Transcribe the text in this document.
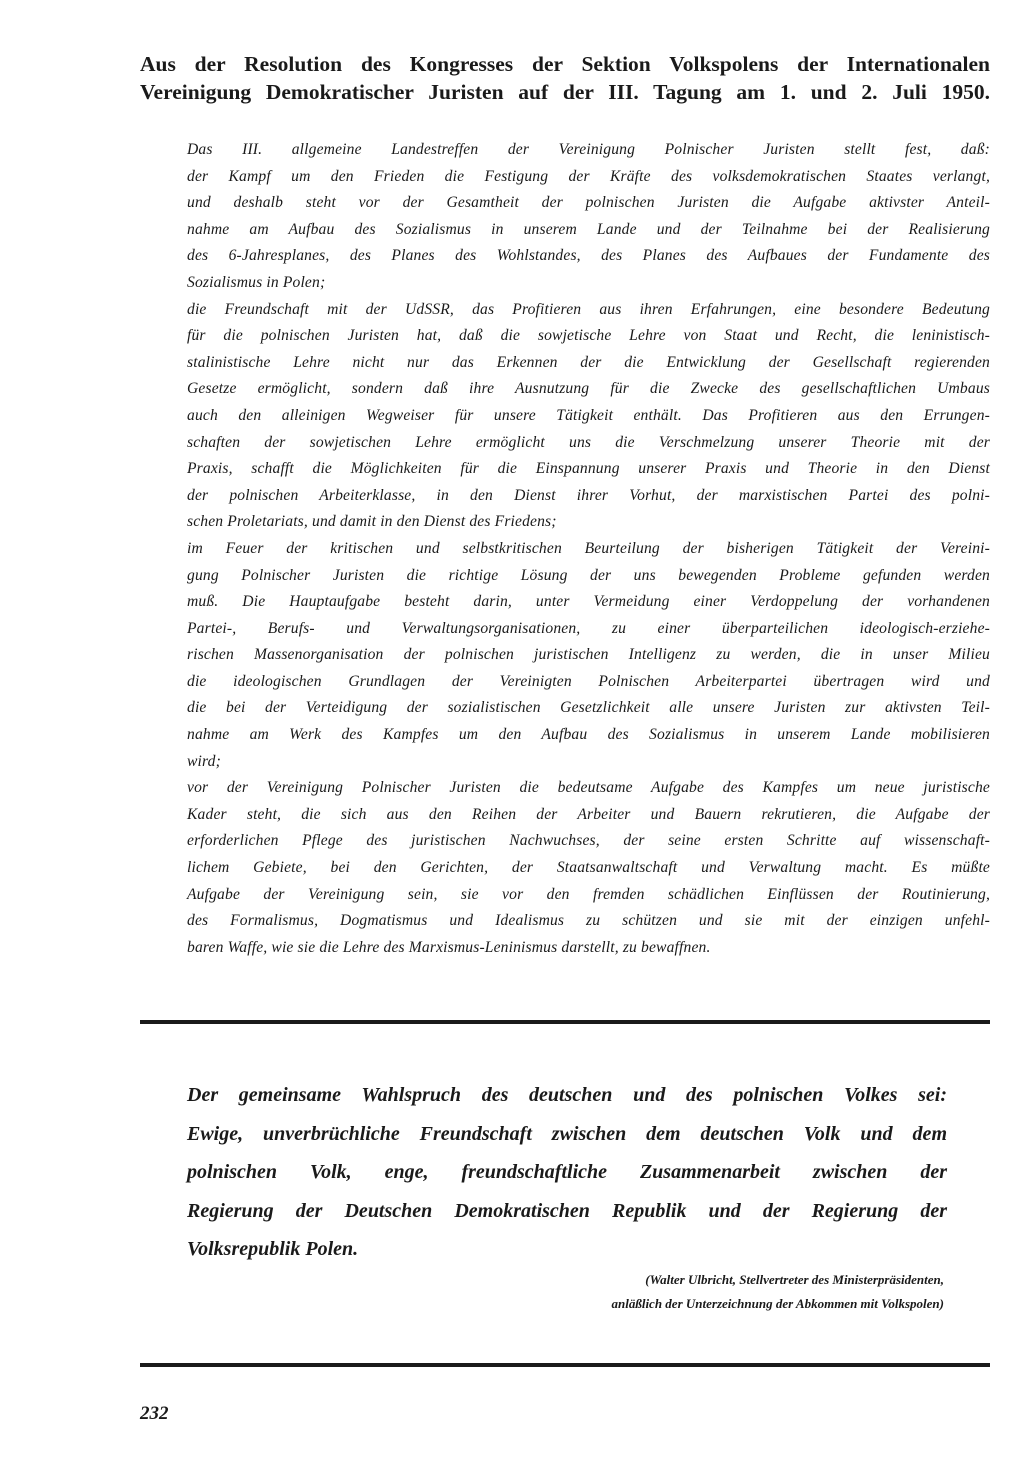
Aus der Resolution des Kongresses der Sektion Volkspolens der Internationalen
Vereinigung Demokratischer Juristen auf der III. Tagung am 1. und 2. Juli 1950.
Das III. allgemeine Landestreffen der Vereinigung Polnischer Juristen stellt fest, daß:
der Kampf um den Frieden die Festigung der Kräfte des volksdemokratischen Staates verlangt,
und deshalb steht vor der Gesamtheit der polnischen Juristen die Aufgabe aktivster Anteil-
nahme am Aufbau des Sozialismus in unserem Lande und der Teilnahme bei der Realisierung
des 6-Jahresplanes, des Planes des Wohlstandes, des Planes des Aufbaues der Fundamente des
Sozialismus in Polen;
die Freundschaft mit der UdSSR, das Profitieren aus ihren Erfahrungen, eine besondere Bedeutung
für die polnischen Juristen hat, daß die sowjetische Lehre von Staat und Recht, die leninistisch-
stalinistische Lehre nicht nur das Erkennen der die Entwicklung der Gesellschaft regierenden
Gesetze ermöglicht, sondern daß ihre Ausnutzung für die Zwecke des gesellschaftlichen Umbaus
auch den alleinigen Wegweiser für unsere Tätigkeit enthält. Das Profitieren aus den Errungen-
schaften der sowjetischen Lehre ermöglicht uns die Verschmelzung unserer Theorie mit der
Praxis, schafft die Möglichkeiten für die Einspannung unserer Praxis und Theorie in den Dienst
der polnischen Arbeiterklasse, in den Dienst ihrer Vorhut, der marxistischen Partei des polni-
schen Proletariats, und damit in den Dienst des Friedens;
im Feuer der kritischen und selbstkritischen Beurteilung der bisherigen Tätigkeit der Vereini-
gung Polnischer Juristen die richtige Lösung der uns bewegenden Probleme gefunden werden
muß. Die Hauptaufgabe besteht darin, unter Vermeidung einer Verdoppelung der vorhandenen
Partei-, Berufs- und Verwaltungsorganisationen, zu einer überparteilichen ideologisch-erziehe-
rischen Massenorganisation der polnischen juristischen Intelligenz zu werden, die in unser Milieu
die ideologischen Grundlagen der Vereinigten Polnischen Arbeiterpartei übertragen wird und
die bei der Verteidigung der sozialistischen Gesetzlichkeit alle unsere Juristen zur aktivsten Teil-
nahme am Werk des Kampfes um den Aufbau des Sozialismus in unserem Lande mobilisieren
wird;
vor der Vereinigung Polnischer Juristen die bedeutsame Aufgabe des Kampfes um neue juristische
Kader steht, die sich aus den Reihen der Arbeiter und Bauern rekrutieren, die Aufgabe der
erforderlichen Pflege des juristischen Nachwuchses, der seine ersten Schritte auf wissenschaft-
lichem Gebiete, bei den Gerichten, der Staatsanwaltschaft und Verwaltung macht. Es müßte
Aufgabe der Vereinigung sein, sie vor den fremden schädlichen Einflüssen der Routinierung,
des Formalismus, Dogmatismus und Idealismus zu schützen und sie mit der einzigen unfehl-
baren Waffe, wie sie die Lehre des Marxismus-Leninismus darstellt, zu bewaffnen.
Der gemeinsame Wahlspruch des deutschen und des polnischen Volkes sei:
Ewige, unverbrüchliche Freundschaft zwischen dem deutschen Volk und dem
polnischen Volk, enge, freundschaftliche Zusammenarbeit zwischen der
Regierung der Deutschen Demokratischen Republik und der Regierung der
Volksrepublik Polen.
(Walter Ulbricht, Stellvertreter des Ministerpräsidenten,
anläßlich der Unterzeichnung der Abkommen mit Volkspolen)
232
